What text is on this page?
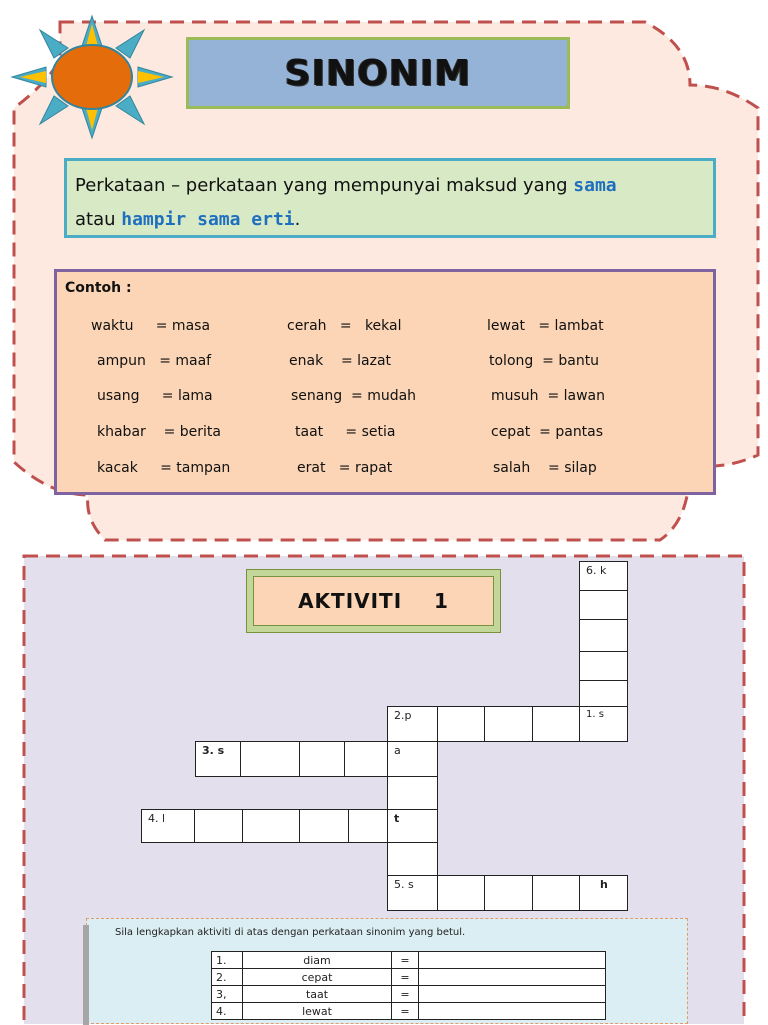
SINONIM
Perkataan – perkataan yang mempunyai maksud yang sama
atau hampir sama erti.
Contoh :
waktu     = masa	cerah   =   kekal	lewat   = lambat
ampun   = maaf	enak    = lazat	tolong  = bantu
usang     = lama	senang  = mudah	musuh  = lawan
khabar    = berita	taat     = setia	cepat  = pantas
kacak     = tampan	erat   = rapat	salah    = silap
AKTIVITI    1
6. k
2.p	1. s
3. s	a
4. l	t
5. s	h
Sila lengkapkan aktiviti di atas dengan perkataan sinonim yang betul.
1.	diam	=	
2.	cepat	=	
3,	taat	=	
4.	lewat	=	
